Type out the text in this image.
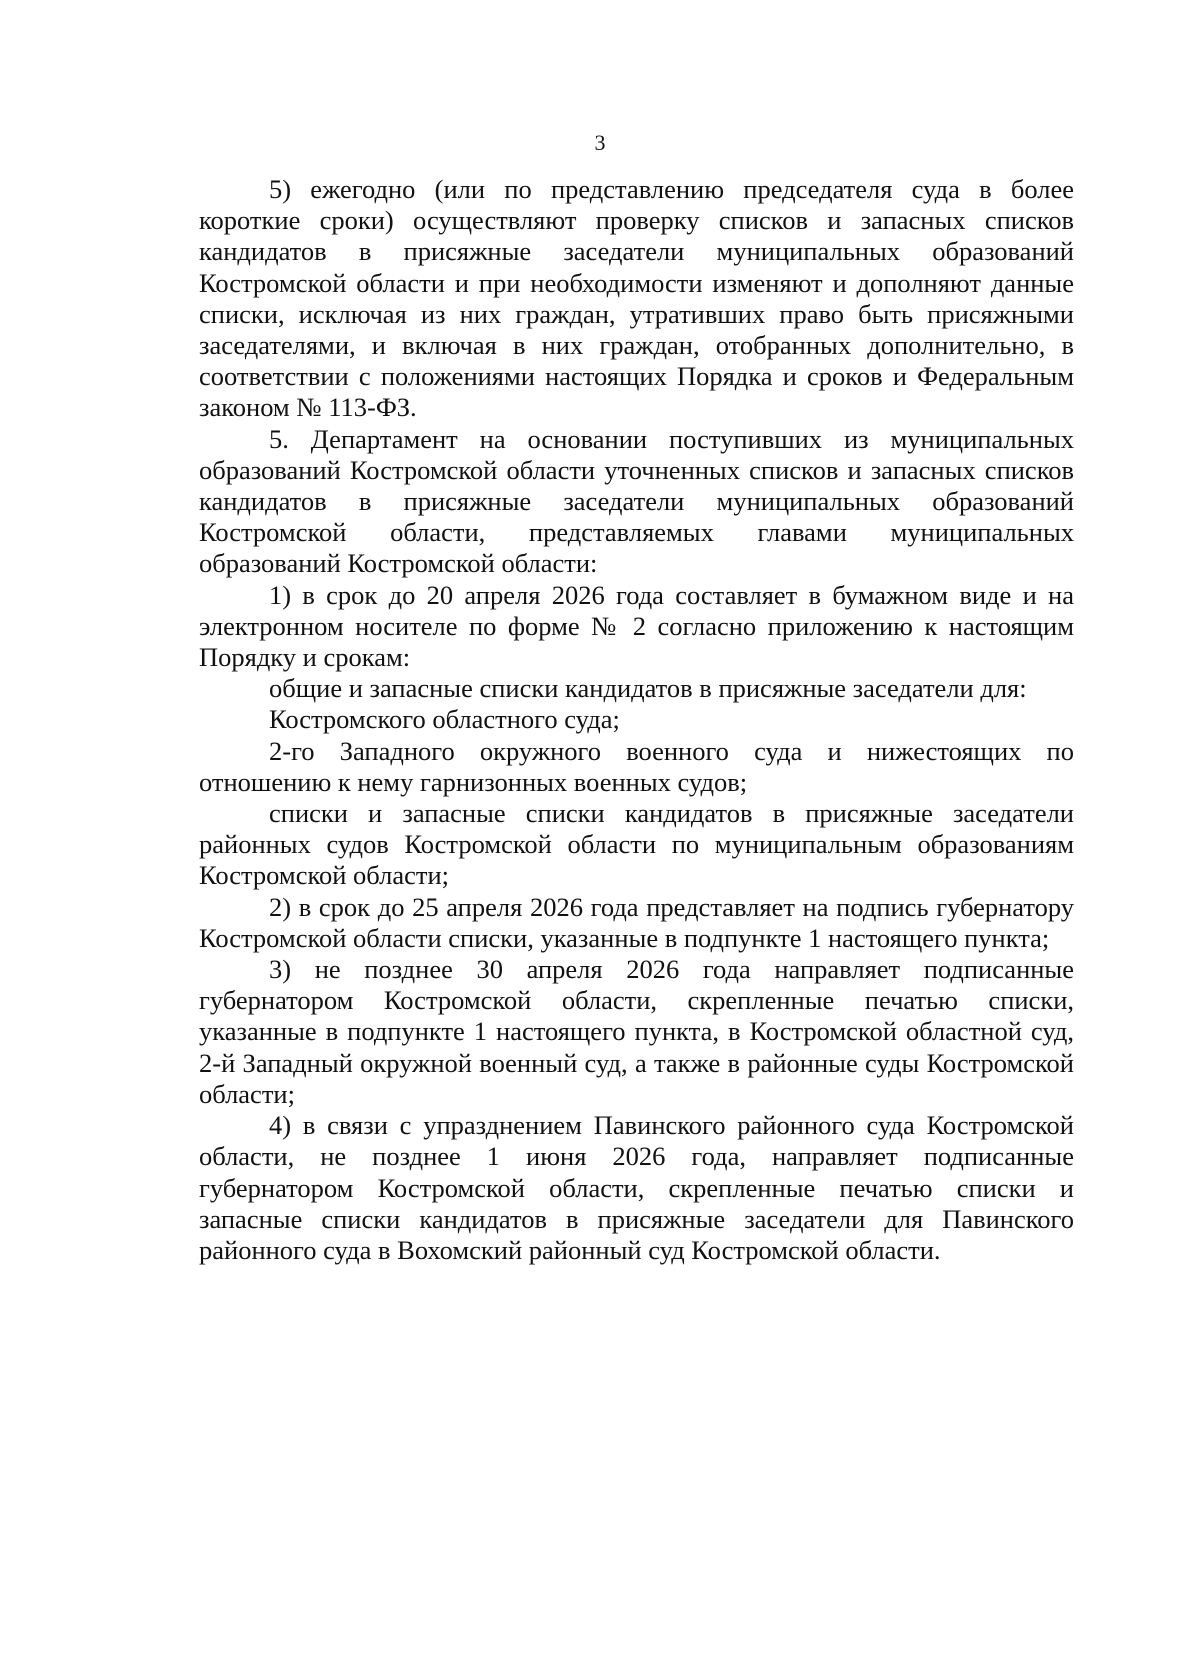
3

5) ежегодно (или по представлению председателя суда в более короткие сроки) осуществляют проверку списков и запасных списков кандидатов в присяжные заседатели муниципальных образований Костромской области и при необходимости изменяют и дополняют данные списки, исключая из них граждан, утративших право быть присяжными заседателями, и включая в них граждан, отобранных дополнительно, в соответствии с положениями настоящих Порядка и сроков и Федеральным законом № 113-ФЗ.

5. Департамент на основании поступивших из муниципальных образований Костромской области уточненных списков и запасных списков кандидатов в присяжные заседатели муниципальных образований Костромской области, представляемых главами муниципальных образований Костромской области:

1) в срок до 20 апреля 2026 года составляет в бумажном виде и на электронном носителе по форме № 2 согласно приложению к настоящим Порядку и срокам:

общие и запасные списки кандидатов в присяжные заседатели для:

Костромского областного суда;

2-го Западного окружного военного суда и нижестоящих по отношению к нему гарнизонных военных судов;

списки и запасные списки кандидатов в присяжные заседатели районных судов Костромской области по муниципальным образованиям Костромской области;

2) в срок до 25 апреля 2026 года представляет на подпись губернатору Костромской области списки, указанные в подпункте 1 настоящего пункта;

3) не позднее 30 апреля 2026 года направляет подписанные губернатором Костромской области, скрепленные печатью списки, указанные в подпункте 1 настоящего пункта, в Костромской областной суд, 2-й Западный окружной военный суд, а также в районные суды Костромской области;

4) в связи с упразднением Павинского районного суда Костромской области, не позднее 1 июня 2026 года, направляет подписанные губернатором Костромской области, скрепленные печатью списки и запасные списки кандидатов в присяжные заседатели для Павинского районного суда в Вохомский районный суд Костромской области.
